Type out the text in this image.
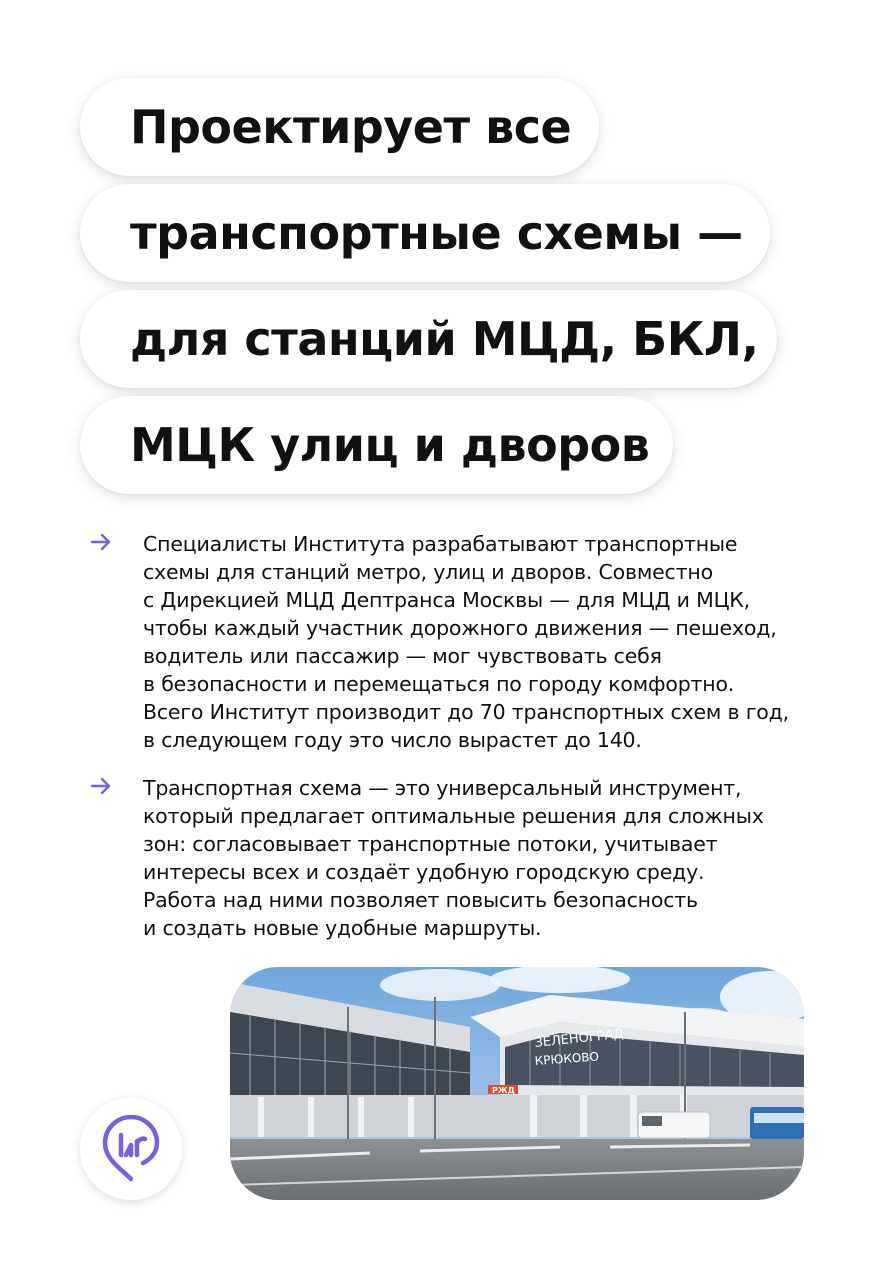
Проектирует все
транспортные схемы —
для станций МЦД, БКЛ,
МЦК улиц и дворов
Специалисты Института разрабатывают транспортные
схемы для станций метро, улиц и дворов. Совместно
с Дирекцией МЦД Дептранса Москвы — для МЦД и МЦК,
чтобы каждый участник дорожного движения — пешеход,
водитель или пассажир — мог чувствовать себя
в безопасности и перемещаться по городу комфортно.
Всего Институт производит до 70 транспортных схем в год,
в следующем году это число вырастет до 140.
Транспортная схема — это универсальный инструмент,
который предлагает оптимальные решения для сложных
зон: согласовывает транспортные потоки, учитывает
интересы всех и создаёт удобную городскую среду.
Работа над ними позволяет повысить безопасность
и создать новые удобные маршруты.
ЗЕЛЕНОГРАД
КРЮКОВО
РЖД
